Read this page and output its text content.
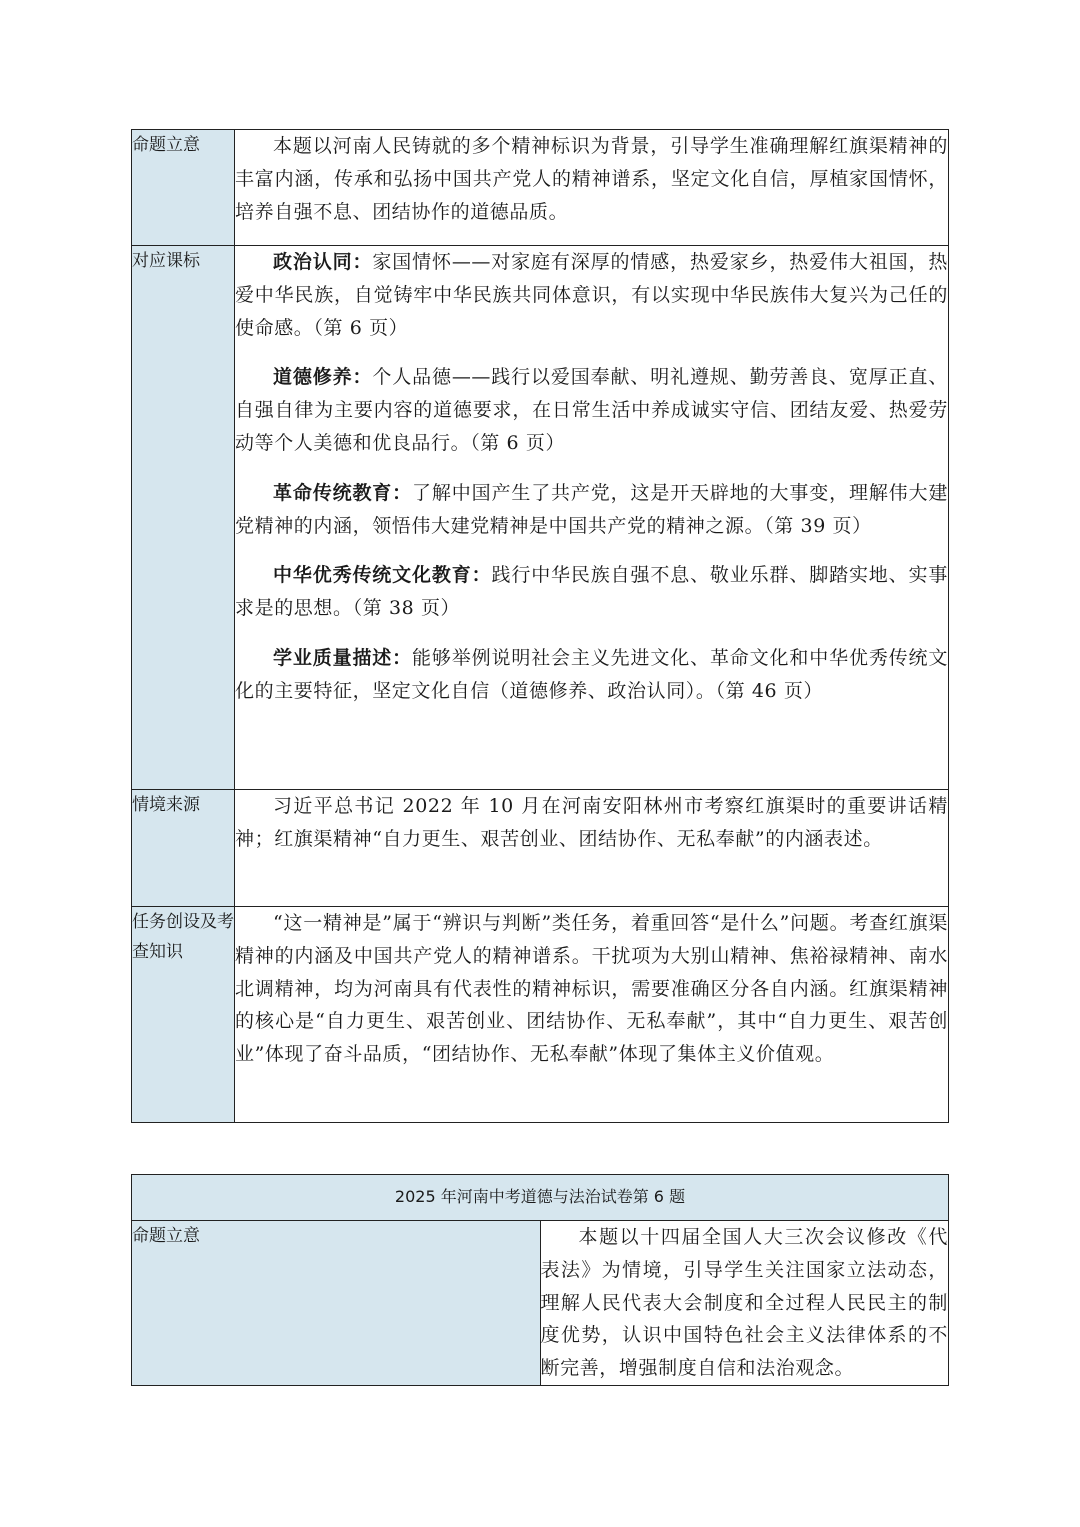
命题立意	本题以河南人民铸就的多个精神标识为背景，引导学生准确理解红旗渠精神的丰富内涵，传承和弘扬中国共产党人的精神谱系，坚定文化自信，厚植家国情怀，培养自强不息、团结协作的道德品质。

对应课标	政治认同：家国情怀——对家庭有深厚的情感，热爱家乡，热爱伟大祖国，热爱中华民族，自觉铸牢中华民族共同体意识，有以实现中华民族伟大复兴为己任的使命感。（第 6 页）

道德修养：个人品德——践行以爱国奉献、明礼遵规、勤劳善良、宽厚正直、自强自律为主要内容的道德要求，在日常生活中养成诚实守信、团结友爱、热爱劳动等个人美德和优良品行。（第 6 页）

革命传统教育：了解中国产生了共产党，这是开天辟地的大事变，理解伟大建党精神的内涵，领悟伟大建党精神是中国共产党的精神之源。（第 39 页）

中华优秀传统文化教育：践行中华民族自强不息、敬业乐群、脚踏实地、实事求是的思想。（第 38 页）

学业质量描述：能够举例说明社会主义先进文化、革命文化和中华优秀传统文化的主要特征，坚定文化自信（道德修养、政治认同）。（第 46 页）

情境来源	习近平总书记 2022 年 10 月在河南安阳林州市考察红旗渠时的重要讲话精神；红旗渠精神“自力更生、艰苦创业、团结协作、无私奉献”的内涵表述。

任务创设及考查知识	“这一精神是”属于“辨识与判断”类任务，着重回答“是什么”问题。考查红旗渠精神的内涵及中国共产党人的精神谱系。干扰项为大别山精神、焦裕禄精神、南水北调精神，均为河南具有代表性的精神标识，需要准确区分各自内涵。红旗渠精神的核心是“自力更生、艰苦创业、团结协作、无私奉献”，其中“自力更生、艰苦创业”体现了奋斗品质，“团结协作、无私奉献”体现了集体主义价值观。

2025 年河南中考道德与法治试卷第 6 题
命题立意	本题以十四届全国人大三次会议修改《代表法》为情境，引导学生关注国家立法动态，理解人民代表大会制度和全过程人民民主的制度优势，认识中国特色社会主义法律体系的不断完善，增强制度自信和法治观念。
